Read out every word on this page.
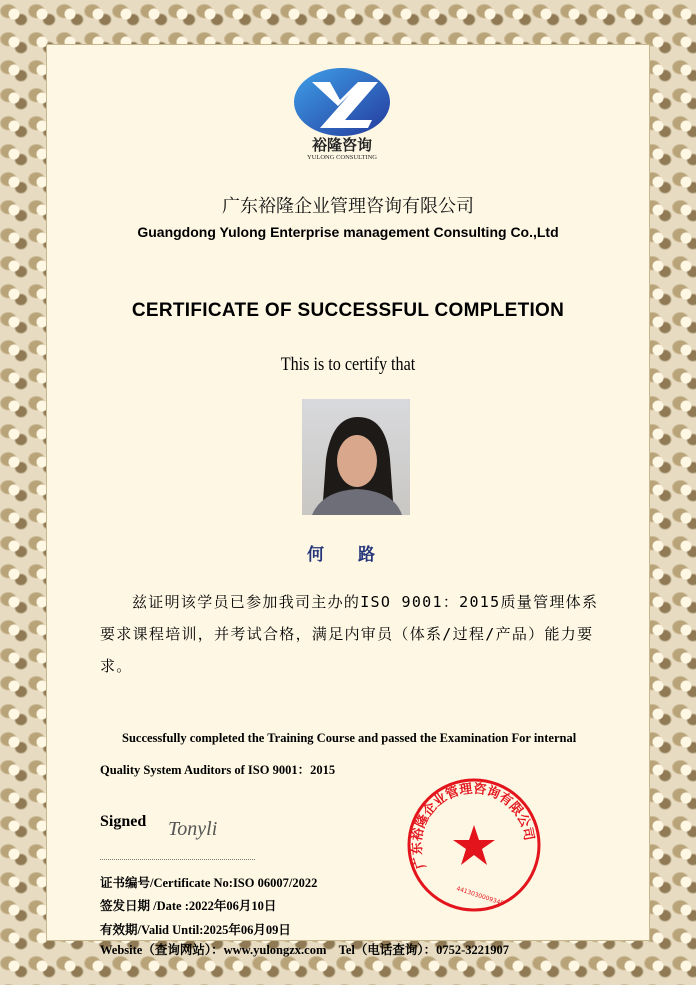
裕隆咨询
YULONG CONSULTING
广东裕隆企业管理咨询有限公司
Guangdong Yulong Enterprise management Consulting Co.,Ltd
CERTIFICATE OF SUCCESSFUL COMPLETION
This is to certify that
何 路
兹证明该学员已参加我司主办的ISO 9001：2015质量管理体系要求课程培训，并考试合格，满足内审员（体系/过程/产品）能力要求。
Successfully completed the Training Course and passed the Examination For internal Quality System Auditors of ISO 9001：2015
Signed Tonyli
证书编号/Certificate No:ISO 06007/2022
签发日期 /Date :2022年06月10日
有效期/Valid Until:2025年06月09日
Website（查询网站）：www.yulongzx.com    Tel（电话查询）：0752-3221907
广东裕隆企业管理咨询有限公司
4413030009348
